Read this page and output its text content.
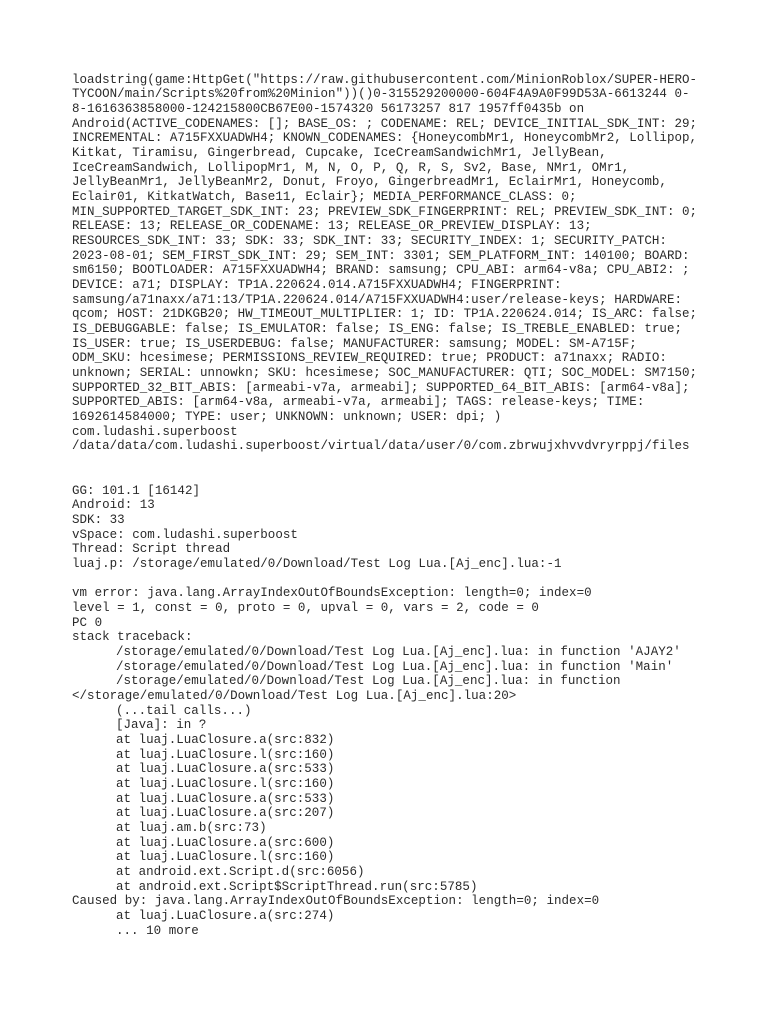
loadstring(game:HttpGet("https://raw.githubusercontent.com/MinionRoblox/SUPER-HERO-
TYCOON/main/Scripts%20from%20Minion"))()0-315529200000-604F4A9A0F99D53A-6613244 0-
8-1616363858000-124215800CB67E00-1574320 56173257 817 1957ff0435b on
Android(ACTIVE_CODENAMES: []; BASE_OS: ; CODENAME: REL; DEVICE_INITIAL_SDK_INT: 29;
INCREMENTAL: A715FXXUADWH4; KNOWN_CODENAMES: {HoneycombMr1, HoneycombMr2, Lollipop,
Kitkat, Tiramisu, Gingerbread, Cupcake, IceCreamSandwichMr1, JellyBean,
IceCreamSandwich, LollipopMr1, M, N, O, P, Q, R, S, Sv2, Base, NMr1, OMr1,
JellyBeanMr1, JellyBeanMr2, Donut, Froyo, GingerbreadMr1, EclairMr1, Honeycomb,
Eclair01, KitkatWatch, Base11, Eclair}; MEDIA_PERFORMANCE_CLASS: 0;
MIN_SUPPORTED_TARGET_SDK_INT: 23; PREVIEW_SDK_FINGERPRINT: REL; PREVIEW_SDK_INT: 0;
RELEASE: 13; RELEASE_OR_CODENAME: 13; RELEASE_OR_PREVIEW_DISPLAY: 13;
RESOURCES_SDK_INT: 33; SDK: 33; SDK_INT: 33; SECURITY_INDEX: 1; SECURITY_PATCH:
2023-08-01; SEM_FIRST_SDK_INT: 29; SEM_INT: 3301; SEM_PLATFORM_INT: 140100; BOARD:
sm6150; BOOTLOADER: A715FXXUADWH4; BRAND: samsung; CPU_ABI: arm64-v8a; CPU_ABI2: ;
DEVICE: a71; DISPLAY: TP1A.220624.014.A715FXXUADWH4; FINGERPRINT:
samsung/a71naxx/a71:13/TP1A.220624.014/A715FXXUADWH4:user/release-keys; HARDWARE:
qcom; HOST: 21DKGB20; HW_TIMEOUT_MULTIPLIER: 1; ID: TP1A.220624.014; IS_ARC: false;
IS_DEBUGGABLE: false; IS_EMULATOR: false; IS_ENG: false; IS_TREBLE_ENABLED: true;
IS_USER: true; IS_USERDEBUG: false; MANUFACTURER: samsung; MODEL: SM-A715F;
ODM_SKU: hcesimese; PERMISSIONS_REVIEW_REQUIRED: true; PRODUCT: a71naxx; RADIO:
unknown; SERIAL: unnowkn; SKU: hcesimese; SOC_MANUFACTURER: QTI; SOC_MODEL: SM7150;
SUPPORTED_32_BIT_ABIS: [armeabi-v7a, armeabi]; SUPPORTED_64_BIT_ABIS: [arm64-v8a];
SUPPORTED_ABIS: [arm64-v8a, armeabi-v7a, armeabi]; TAGS: release-keys; TIME:
1692614584000; TYPE: user; UNKNOWN: unknown; USER: dpi; )
com.ludashi.superboost
/data/data/com.ludashi.superboost/virtual/data/user/0/com.zbrwujxhvvdvryrppj/files
GG: 101.1 [16142]
Android: 13
SDK: 33
vSpace: com.ludashi.superboost
Thread: Script thread
luaj.p: /storage/emulated/0/Download/Test Log Lua.[Aj_enc].lua:-1
vm error: java.lang.ArrayIndexOutOfBoundsException: length=0; index=0
level = 1, const = 0, proto = 0, upval = 0, vars = 2, code = 0
PC 0
stack traceback:
/storage/emulated/0/Download/Test Log Lua.[Aj_enc].lua: in function 'AJAY2'
/storage/emulated/0/Download/Test Log Lua.[Aj_enc].lua: in function 'Main'
/storage/emulated/0/Download/Test Log Lua.[Aj_enc].lua: in function
</storage/emulated/0/Download/Test Log Lua.[Aj_enc].lua:20>
(...tail calls...)
[Java]: in ?
at luaj.LuaClosure.a(src:832)
at luaj.LuaClosure.l(src:160)
at luaj.LuaClosure.a(src:533)
at luaj.LuaClosure.l(src:160)
at luaj.LuaClosure.a(src:533)
at luaj.LuaClosure.a(src:207)
at luaj.am.b(src:73)
at luaj.LuaClosure.a(src:600)
at luaj.LuaClosure.l(src:160)
at android.ext.Script.d(src:6056)
at android.ext.Script$ScriptThread.run(src:5785)
Caused by: java.lang.ArrayIndexOutOfBoundsException: length=0; index=0
at luaj.LuaClosure.a(src:274)
... 10 more
